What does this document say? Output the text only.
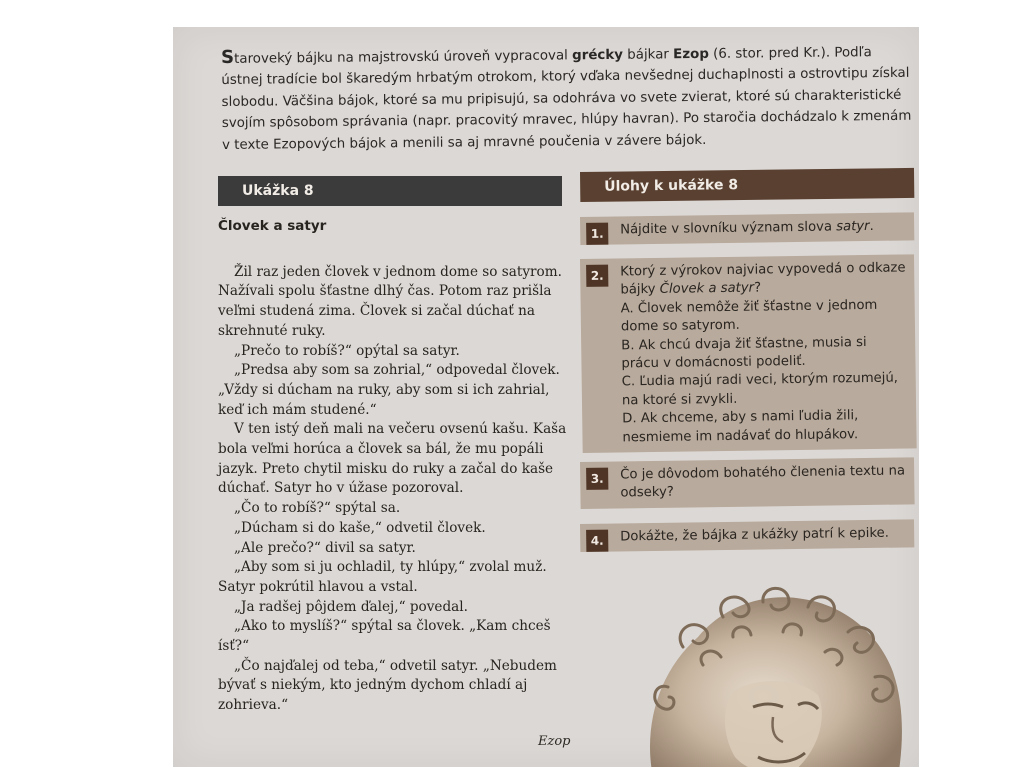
Staroveký bájku na majstrovskú úroveň vypracoval grécky bájkar Ezop (6. stor. pred Kr.). Podľa ústnej tradície bol škaredým hrbatým otrokom, ktorý vďaka nevšednej duchaplnosti a ostrovtipu získal slobodu. Väčšina bájok, ktoré sa mu pripisujú, sa odohráva vo svete zvierat, ktoré sú charakteristické svojím spôsobom správania (napr. pracovitý mravec, hlúpy havran). Po staročia dochádzalo k zmenám v texte Ezopových bájok a menili sa aj mravné poučenia v závere bájok.
Ukážka 8	Úlohy k ukážke 8
Človek a satyr

Žil raz jeden človek v jednom dome so satyrom. Nažívali spolu šťastne dlhý čas. Potom raz prišla veľmi studená zima. Človek si začal dúchať na skrehnuté ruky.

„Prečo to robíš?“ opýtal sa satyr.

„Predsa aby som sa zohrial,“ odpovedal človek. „Vždy si dúcham na ruky, aby som si ich zahrial, keď ich mám studené.“

V ten istý deň mali na večeru ovsenú kašu. Kaša bola veľmi horúca a človek sa bál, že mu popáli jazyk. Preto chytil misku do ruky a začal do kaše dúchať. Satyr ho v úžase pozoroval.

„Čo to robíš?“ spýtal sa.

„Dúcham si do kaše,“ odvetil človek.

„Ale prečo?“ divil sa satyr.

„Aby som si ju ochladil, ty hlúpy,“ zvolal muž. Satyr pokrútil hlavou a vstal.

„Ja radšej pôjdem ďalej,“ povedal.

„Ako to myslíš?“ spýtal sa človek. „Kam chceš ísť?“

„Čo najďalej od teba,“ odvetil satyr. „Nebudem bývať s niekým, kto jedným dychom chladí aj zohrieva.“

Ezop
1.	Nájdite v slovníku význam slova satyr.
2.	Ktorý z výrokov najviac vypovedá o odkaze bájky Človek a satyr?
A. Človek nemôže žiť šťastne v jednom dome so satyrom.
B. Ak chcú dvaja žiť šťastne, musia si prácu v domácnosti podeliť.
C. Ľudia majú radi veci, ktorým rozumejú, na ktoré si zvykli.
D. Ak chceme, aby s nami ľudia žili, nesmieme im nadávať do hlupákov.
3.	Čo je dôvodom bohatého členenia textu na odseky?
4.	Dokážte, že bájka z ukážky patrí k epike.
